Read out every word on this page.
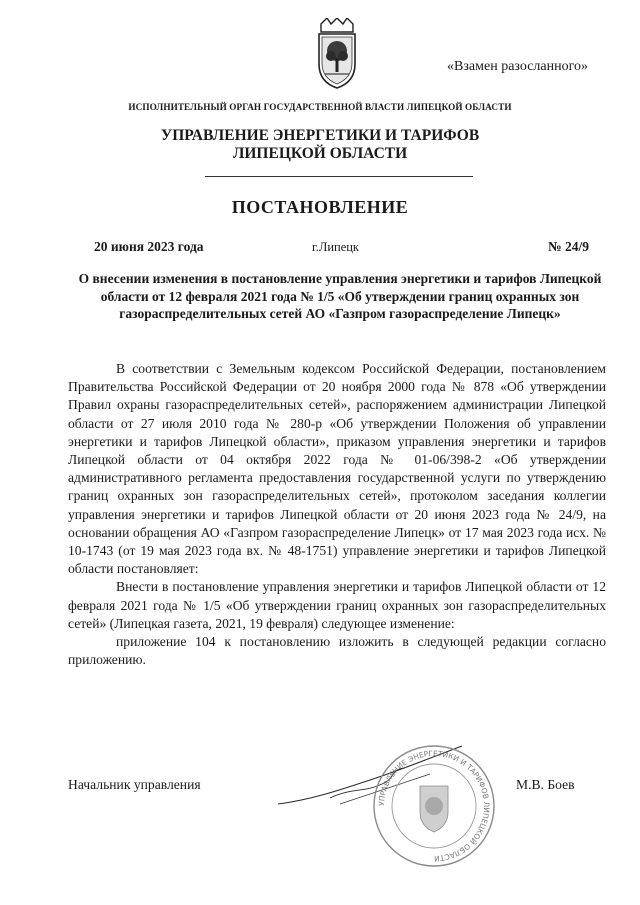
«Взамен разосланного»
ИСПОЛНИТЕЛЬНЫЙ ОРГАН ГОСУДАРСТВЕННОЙ ВЛАСТИ ЛИПЕЦКОЙ ОБЛАСТИ
УПРАВЛЕНИЕ ЭНЕРГЕТИКИ И ТАРИФОВ
ЛИПЕЦКОЙ ОБЛАСТИ
ПОСТАНОВЛЕНИЕ
20 июня 2023 года	г.Липецк	№ 24/9
О внесении изменения в постановление управления энергетики и тарифов Липецкой области от 12 февраля 2021 года № 1/5 «Об утверждении границ охранных зон газораспределительных сетей АО «Газпром газораспределение Липецк»

В соответствии с Земельным кодексом Российской Федерации, постановлением Правительства Российской Федерации от 20 ноября 2000 года № 878 «Об утверждении Правил охраны газораспределительных сетей», распоряжением администрации Липецкой области от 27 июля 2010 года № 280-р «Об утверждении Положения об управлении энергетики и тарифов Липецкой области», приказом управления энергетики и тарифов Липецкой области от 04 октября 2022 года № 01-06/398-2 «Об утверждении административного регламента предоставления государственной услуги по утверждению границ охранных зон газораспределительных сетей», протоколом заседания коллегии управления энергетики и тарифов Липецкой области от 20 июня 2023 года № 24/9, на основании обращения АО «Газпром газораспределение Липецк» от 17 мая 2023 года исх. № 10-1743 (от 19 мая 2023 года вх. № 48-1751) управление энергетики и тарифов Липецкой области постановляет:

Внести в постановление управления энергетики и тарифов Липецкой области от 12 февраля 2021 года № 1/5 «Об утверждении границ охранных зон газораспределительных сетей» (Липецкая газета, 2021, 19 февраля) следующее изменение:

приложение 104 к постановлению изложить в следующей редакции согласно приложению.

УПРАВЛЕНИЕ ЭНЕРГЕТИКИ И ТАРИФОВ ЛИПЕЦКОЙ ОБЛАСТИ
Начальник управления	М.В. Боев
